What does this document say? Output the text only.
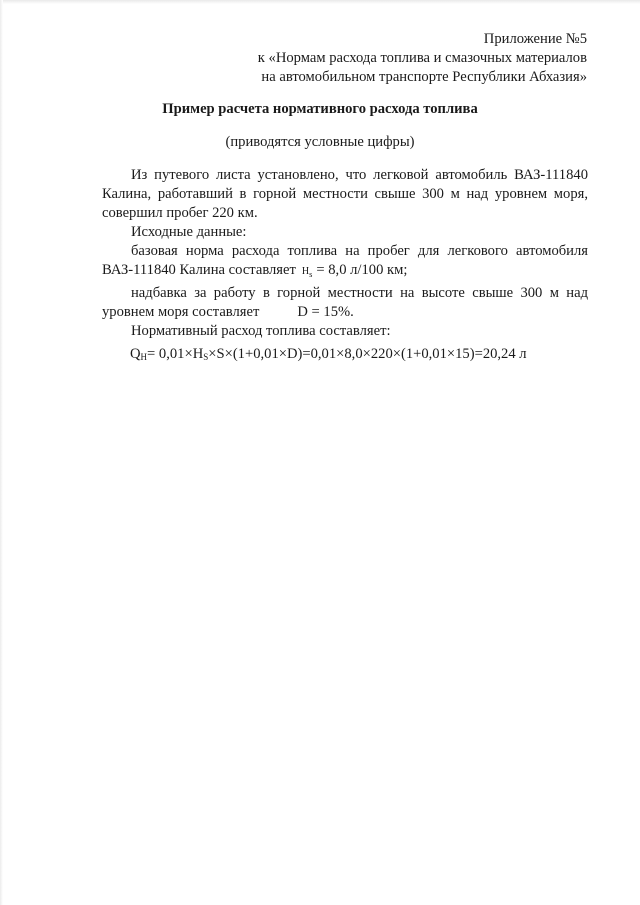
Приложение №5
к «Нормам расхода топлива и смазочных материалов
на автомобильном транспорте Республики Абхазия»
Пример расчета нормативного расхода топлива
(приводятся условные цифры)
Из путевого листа установлено, что легковой автомобиль ВАЗ-111840
Калина, работавший в горной местности свыше 300 м над уровнем моря,
совершил пробег 220 км.
Исходные данные:
базовая норма расхода топлива на пробег для легкового автомобиля
ВАЗ-111840 Калина составляет $H_s = 8,0$ л/100 км;
надбавка за работу в горной местности на высоте свыше 300 м над
уровнем моря составляет	D = 15%.
Нормативный расход топлива составляет:
$Q_Н= 0,01\times Н_S\times S\times(1+0,01\times D)=0,01\times 8,0\times 220\times(1+0,01\times 15)=20,24$ л
